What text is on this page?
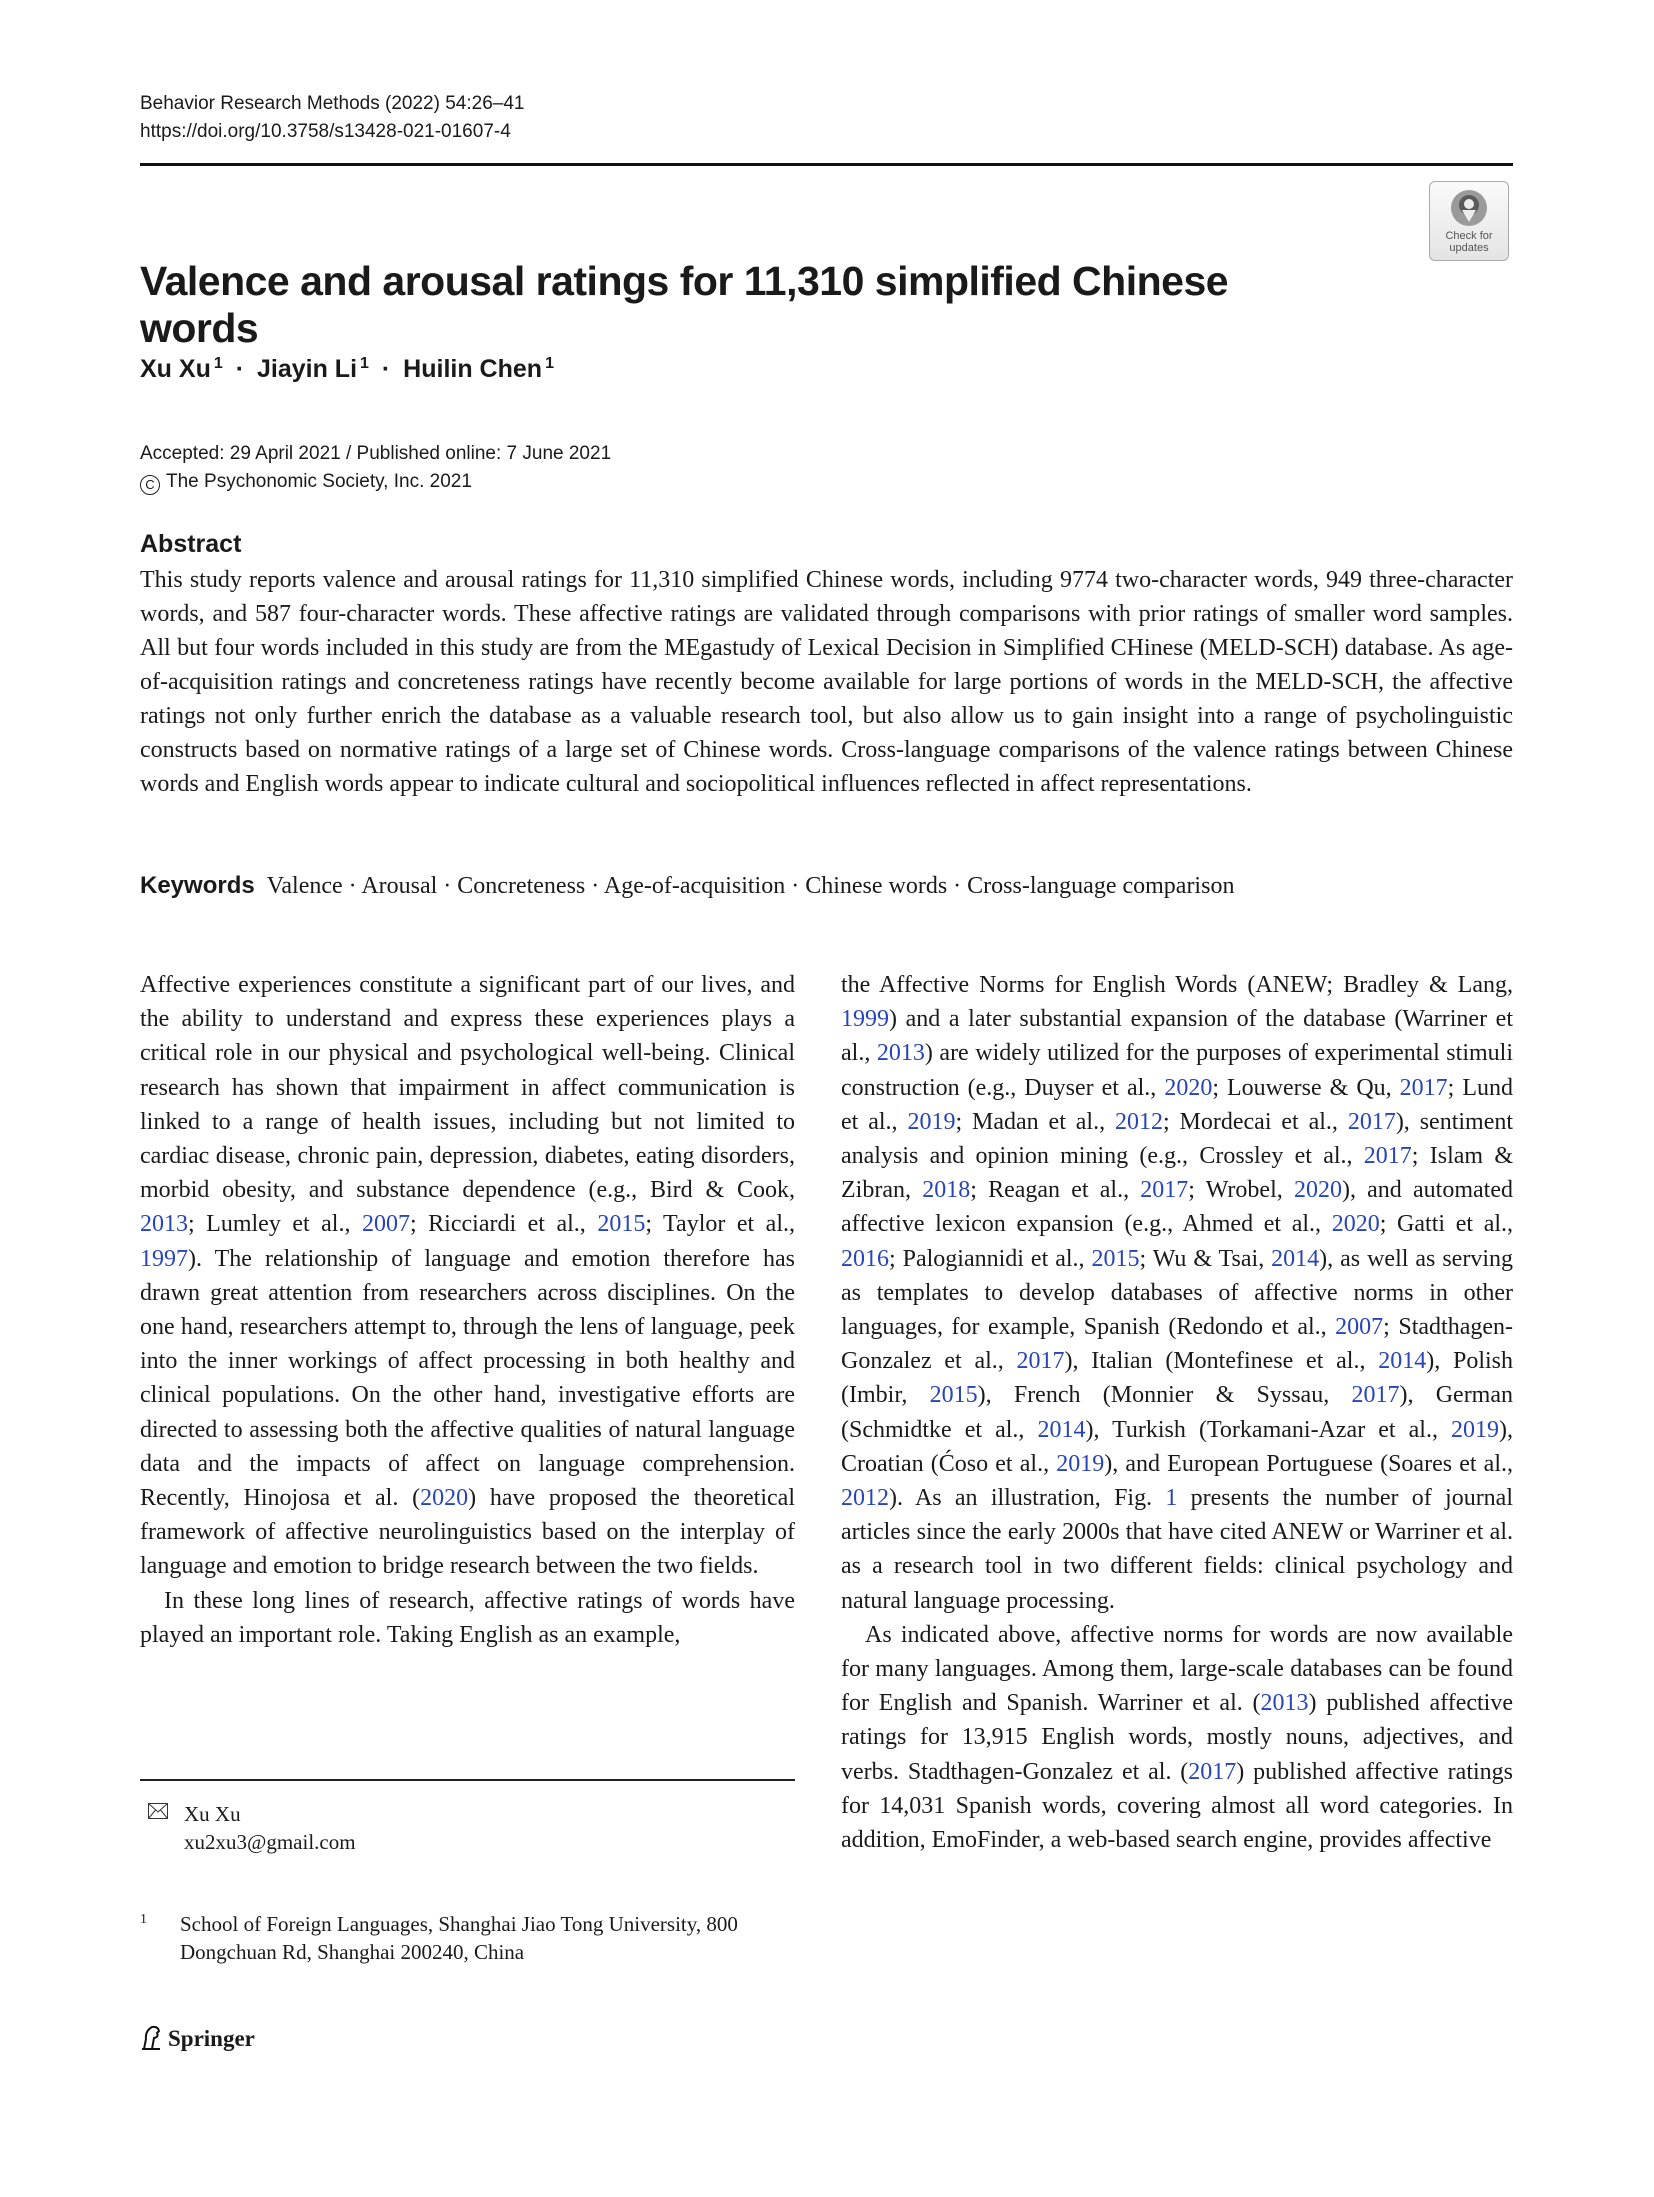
Behavior Research Methods (2022) 54:26–41
https://doi.org/10.3758/s13428-021-01607-4
Check for
updates
Valence and arousal ratings for 11,310 simplified Chinese words
Xu Xu $^1$ · Jiayin Li $^1$ · Huilin Chen $^1$
Accepted: 29 April 2021 / Published online: 7 June 2021
C The Psychonomic Society, Inc. 2021
Abstract
This study reports valence and arousal ratings for 11,310 simplified Chinese words, including 9774 two-character words, 949 three-character words, and 587 four-character words. These affective ratings are validated through comparisons with prior ratings of smaller word samples. All but four words included in this study are from the MEgastudy of Lexical Decision in Simplified CHinese (MELD-SCH) database. As age-of-acquisition ratings and concreteness ratings have recently become available for large portions of words in the MELD-SCH, the affective ratings not only further enrich the database as a valuable research tool, but also allow us to gain insight into a range of psycholinguistic constructs based on normative ratings of a large set of Chinese words. Cross-language comparisons of the valence ratings between Chinese words and English words appear to indicate cultural and sociopolitical influences reflected in affect representations.
Keywords Valence · Arousal · Concreteness · Age-of-acquisition · Chinese words · Cross-language comparison

Affective experiences constitute a significant part of our lives, and the ability to understand and express these experiences plays a critical role in our physical and psychological well-being. Clinical research has shown that impairment in affect communication is linked to a range of health issues, including but not limited to cardiac disease, chronic pain, depression, diabetes, eating disorders, morbid obesity, and substance dependence (e.g., Bird & Cook, 2013; Lumley et al., 2007; Ricciardi et al., 2015; Taylor et al., 1997). The relationship of language and emotion therefore has drawn great attention from researchers across disciplines. On the one hand, researchers attempt to, through the lens of language, peek into the inner workings of affect processing in both healthy and clinical populations. On the other hand, investigative efforts are directed to assessing both the affective qualities of natural language data and the impacts of affect on language comprehension. Recently, Hinojosa et al. (2020) have proposed the theoretical framework of affective neurolinguistics based on the interplay of language and emotion to bridge research between the two fields.

In these long lines of research, affective ratings of words have played an important role. Taking English as an example,

the Affective Norms for English Words (ANEW; Bradley & Lang, 1999) and a later substantial expansion of the database (Warriner et al., 2013) are widely utilized for the purposes of experimental stimuli construction (e.g., Duyser et al., 2020; Louwerse & Qu, 2017; Lund et al., 2019; Madan et al., 2012; Mordecai et al., 2017), sentiment analysis and opinion mining (e.g., Crossley et al., 2017; Islam & Zibran, 2018; Reagan et al., 2017; Wrobel, 2020), and automated affective lexicon expansion (e.g., Ahmed et al., 2020; Gatti et al., 2016; Palogiannidi et al., 2015; Wu & Tsai, 2014), as well as serving as templates to develop databases of affective norms in other languages, for example, Spanish (Redondo et al., 2007; Stadthagen-Gonzalez et al., 2017), Italian (Montefinese et al., 2014), Polish (Imbir, 2015), French (Monnier & Syssau, 2017), German (Schmidtke et al., 2014), Turkish (Torkamani-Azar et al., 2019), Croatian (Ćoso et al., 2019), and European Portuguese (Soares et al., 2012). As an illustration, Fig. 1 presents the number of journal articles since the early 2000s that have cited ANEW or Warriner et al. as a research tool in two different fields: clinical psychology and natural language processing.

As indicated above, affective norms for words are now available for many languages. Among them, large-scale databases can be found for English and Spanish. Warriner et al. (2013) published affective ratings for 13,915 English words, mostly nouns, adjectives, and verbs. Stadthagen-Gonzalez et al. (2017) published affective ratings for 14,031 Spanish words, covering almost all word categories. In addition, EmoFinder, a web-based search engine, provides affective

Xu Xu
xu2xu3@gmail.com
1 School of Foreign Languages, Shanghai Jiao Tong University, 800 Dongchuan Rd, Shanghai 200240, China
Springer
